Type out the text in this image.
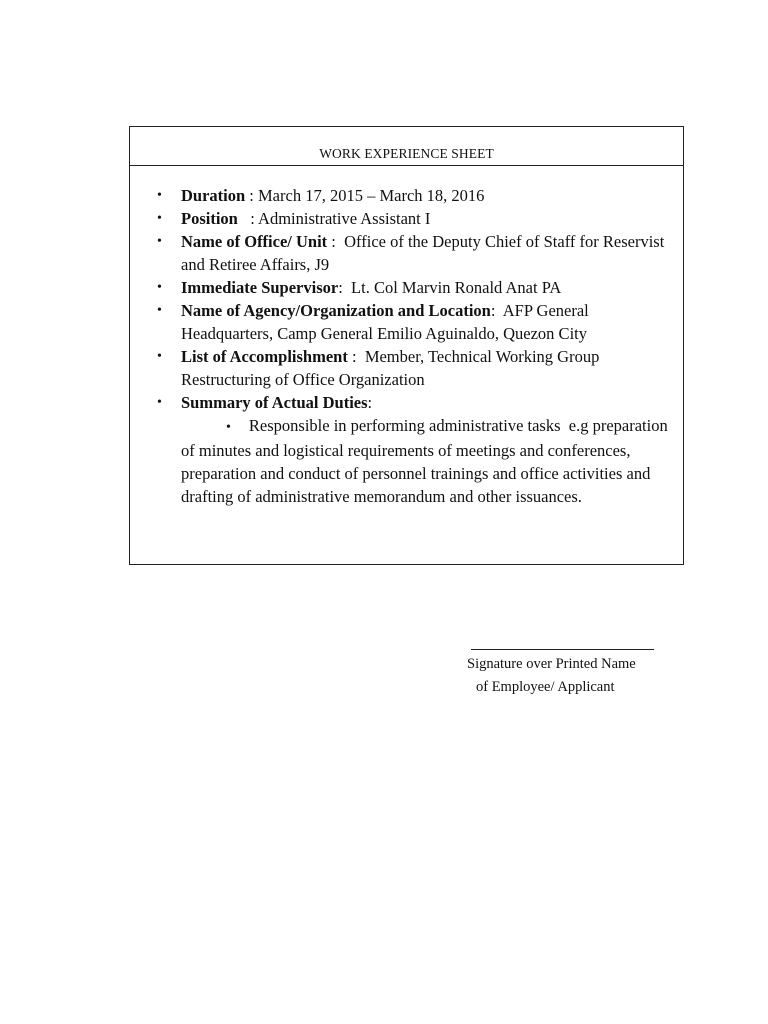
WORK EXPERIENCE SHEET
• Duration : March 17, 2015 – March 18, 2016
• Position   : Administrative Assistant I
• Name of Office/ Unit :  Office of the Deputy Chief of Staff for Reservist and Retiree Affairs, J9
• Immediate Supervisor:  Lt. Col Marvin Ronald Anat PA
• Name of Agency/Organization and Location:  AFP General Headquarters, Camp General Emilio Aguinaldo, Quezon City
• List of Accomplishment :  Member, Technical Working Group Restructuring of Office Organization
• Summary of Actual Duties:
• Responsible in performing administrative tasks  e.g preparation of minutes and logistical requirements of meetings and conferences, preparation and conduct of personnel trainings and office activities and drafting of administrative memorandum and other issuances.
Signature over Printed Name
of Employee/ Applicant
